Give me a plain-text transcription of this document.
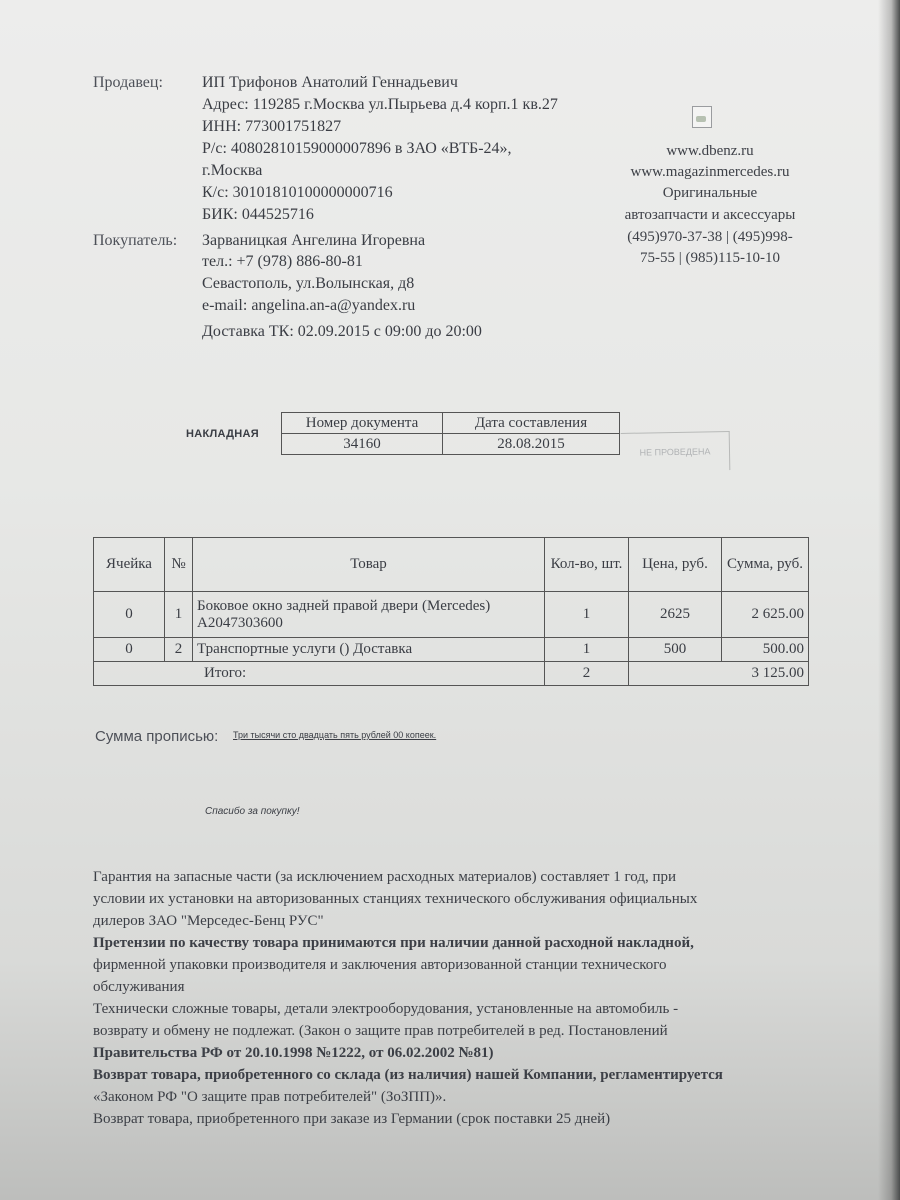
Продавец: ИП Трифонов Анатолий Геннадьевич
Адрес: 119285 г.Москва ул.Пырьева д.4 корп.1 кв.27
ИНН: 773001751827
Р/с: 40802810159000007896 в ЗАО «ВТБ-24»,
г.Москва
К/с: 30101810100000000716
БИК: 044525716
Покупатель: Зарваницкая Ангелина Игоревна
тел.: +7 (978) 886-80-81
Севастополь, ул.Волынская, д8
e-mail: angelina.an-a@yandex.ru
Доставка ТК: 02.09.2015 с 09:00 до 20:00
www.dbenz.ru
www.magazinmercedes.ru
Оригинальные
автозапчасти и аксессуары
(495)970-37-38 | (495)998-
75-55 | (985)115-10-10
НАКЛАДНАЯ
Номер документа	Дата составления
34160	28.08.2015
НЕ ПРОВЕДЕНА
Ячейка	№	Товар	Кол-во, шт.	Цена, руб.	Сумма, руб.
0	1	Боковое окно задней правой двери (Mercedes) A2047303600	1	2625	2 625.00
0	2	Транспортные услуги () Доставка	1	500	500.00
Итого:			2	3 125.00	
Сумма прописью: Три тысячи сто двадцать пять рублей 00 копеек.
Спасибо за покупку!
Гарантия на запасные части (за исключением расходных материалов) составляет 1 год, при
условии их установки на авторизованных станциях технического обслуживания официальных
дилеров ЗАО "Мерседес-Бенц РУС"
Претензии по качеству товара принимаются при наличии данной расходной накладной,
фирменной упаковки производителя и заключения авторизованной станции технического
обслуживания
Технически сложные товары, детали электрооборудования, установленные на автомобиль -
возврату и обмену не подлежат. (Закон о защите прав потребителей в ред. Постановлений
Правительства РФ от 20.10.1998 №1222, от 06.02.2002 №81)
Возврат товара, приобретенного со склада (из наличия) нашей Компании, регламентируется
«Законом РФ "О защите прав потребителей" (ЗоЗПП)».
Возврат товара, приобретенного при заказе из Германии (срок поставки 25 дней)
